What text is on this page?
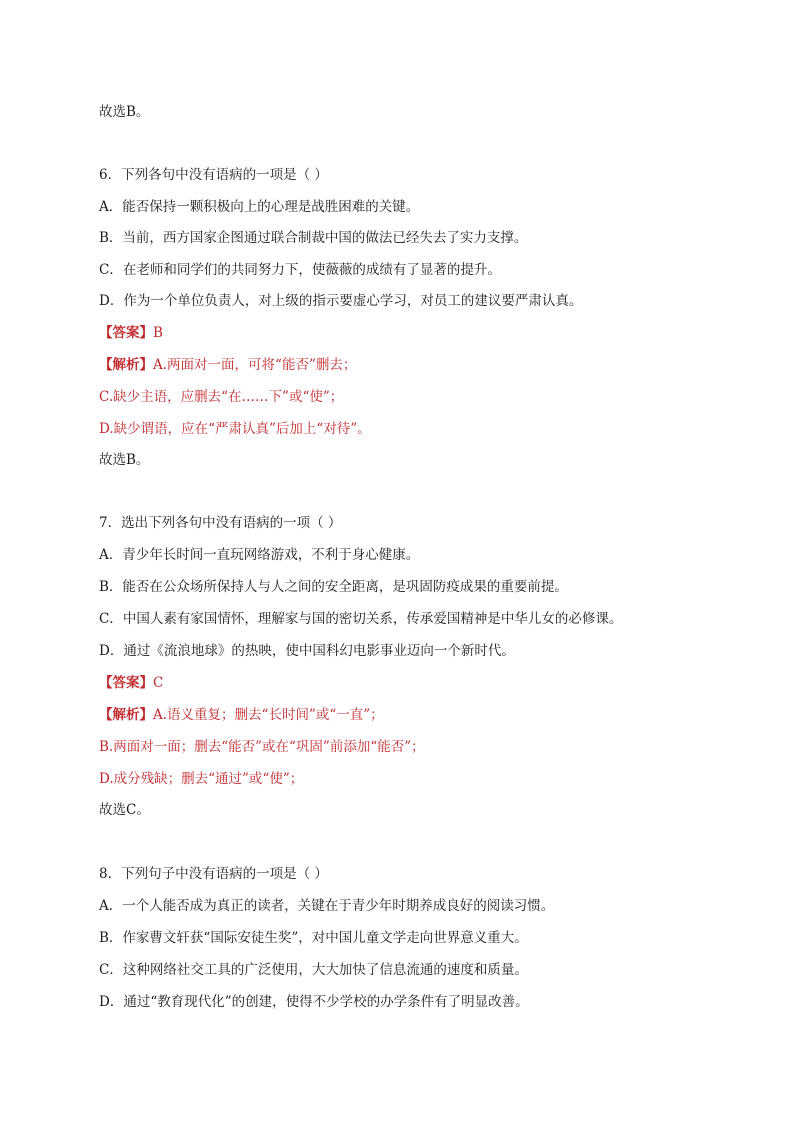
故选B。
6．下列各句中没有语病的一项是（ ）
A．能否保持一颗积极向上的心理是战胜困难的关键。
B．当前，西方国家企图通过联合制裁中国的做法已经失去了实力支撑。
C．在老师和同学们的共同努力下，使薇薇的成绩有了显著的提升。
D．作为一个单位负责人，对上级的指示要虚心学习，对员工的建议要严肃认真。
【答案】B
【解析】A.两面对一面，可将“能否”删去；
C.缺少主语，应删去“在……下”或“使”；
D.缺少谓语，应在“严肃认真”后加上“对待”。
故选B。
7．选出下列各句中没有语病的一项（ ）
A．青少年长时间一直玩网络游戏，不利于身心健康。
B．能否在公众场所保持人与人之间的安全距离，是巩固防疫成果的重要前提。
C．中国人素有家国情怀，理解家与国的密切关系，传承爱国精神是中华儿女的必修课。
D．通过《流浪地球》的热映，使中国科幻电影事业迈向一个新时代。
【答案】C
【解析】A.语义重复；删去“长时间”或“一直”；
B.两面对一面；删去“能否”或在“巩固”前添加“能否”；
D.成分残缺；删去“通过”或“使”；
故选C。
8．下列句子中没有语病的一项是（ ）
A．一个人能否成为真正的读者，关键在于青少年时期养成良好的阅读习惯。
B．作家曹文轩获“国际安徒生奖”，对中国儿童文学走向世界意义重大。
C．这种网络社交工具的广泛使用，大大加快了信息流通的速度和质量。
D．通过“教育现代化”的创建，使得不少学校的办学条件有了明显改善。
